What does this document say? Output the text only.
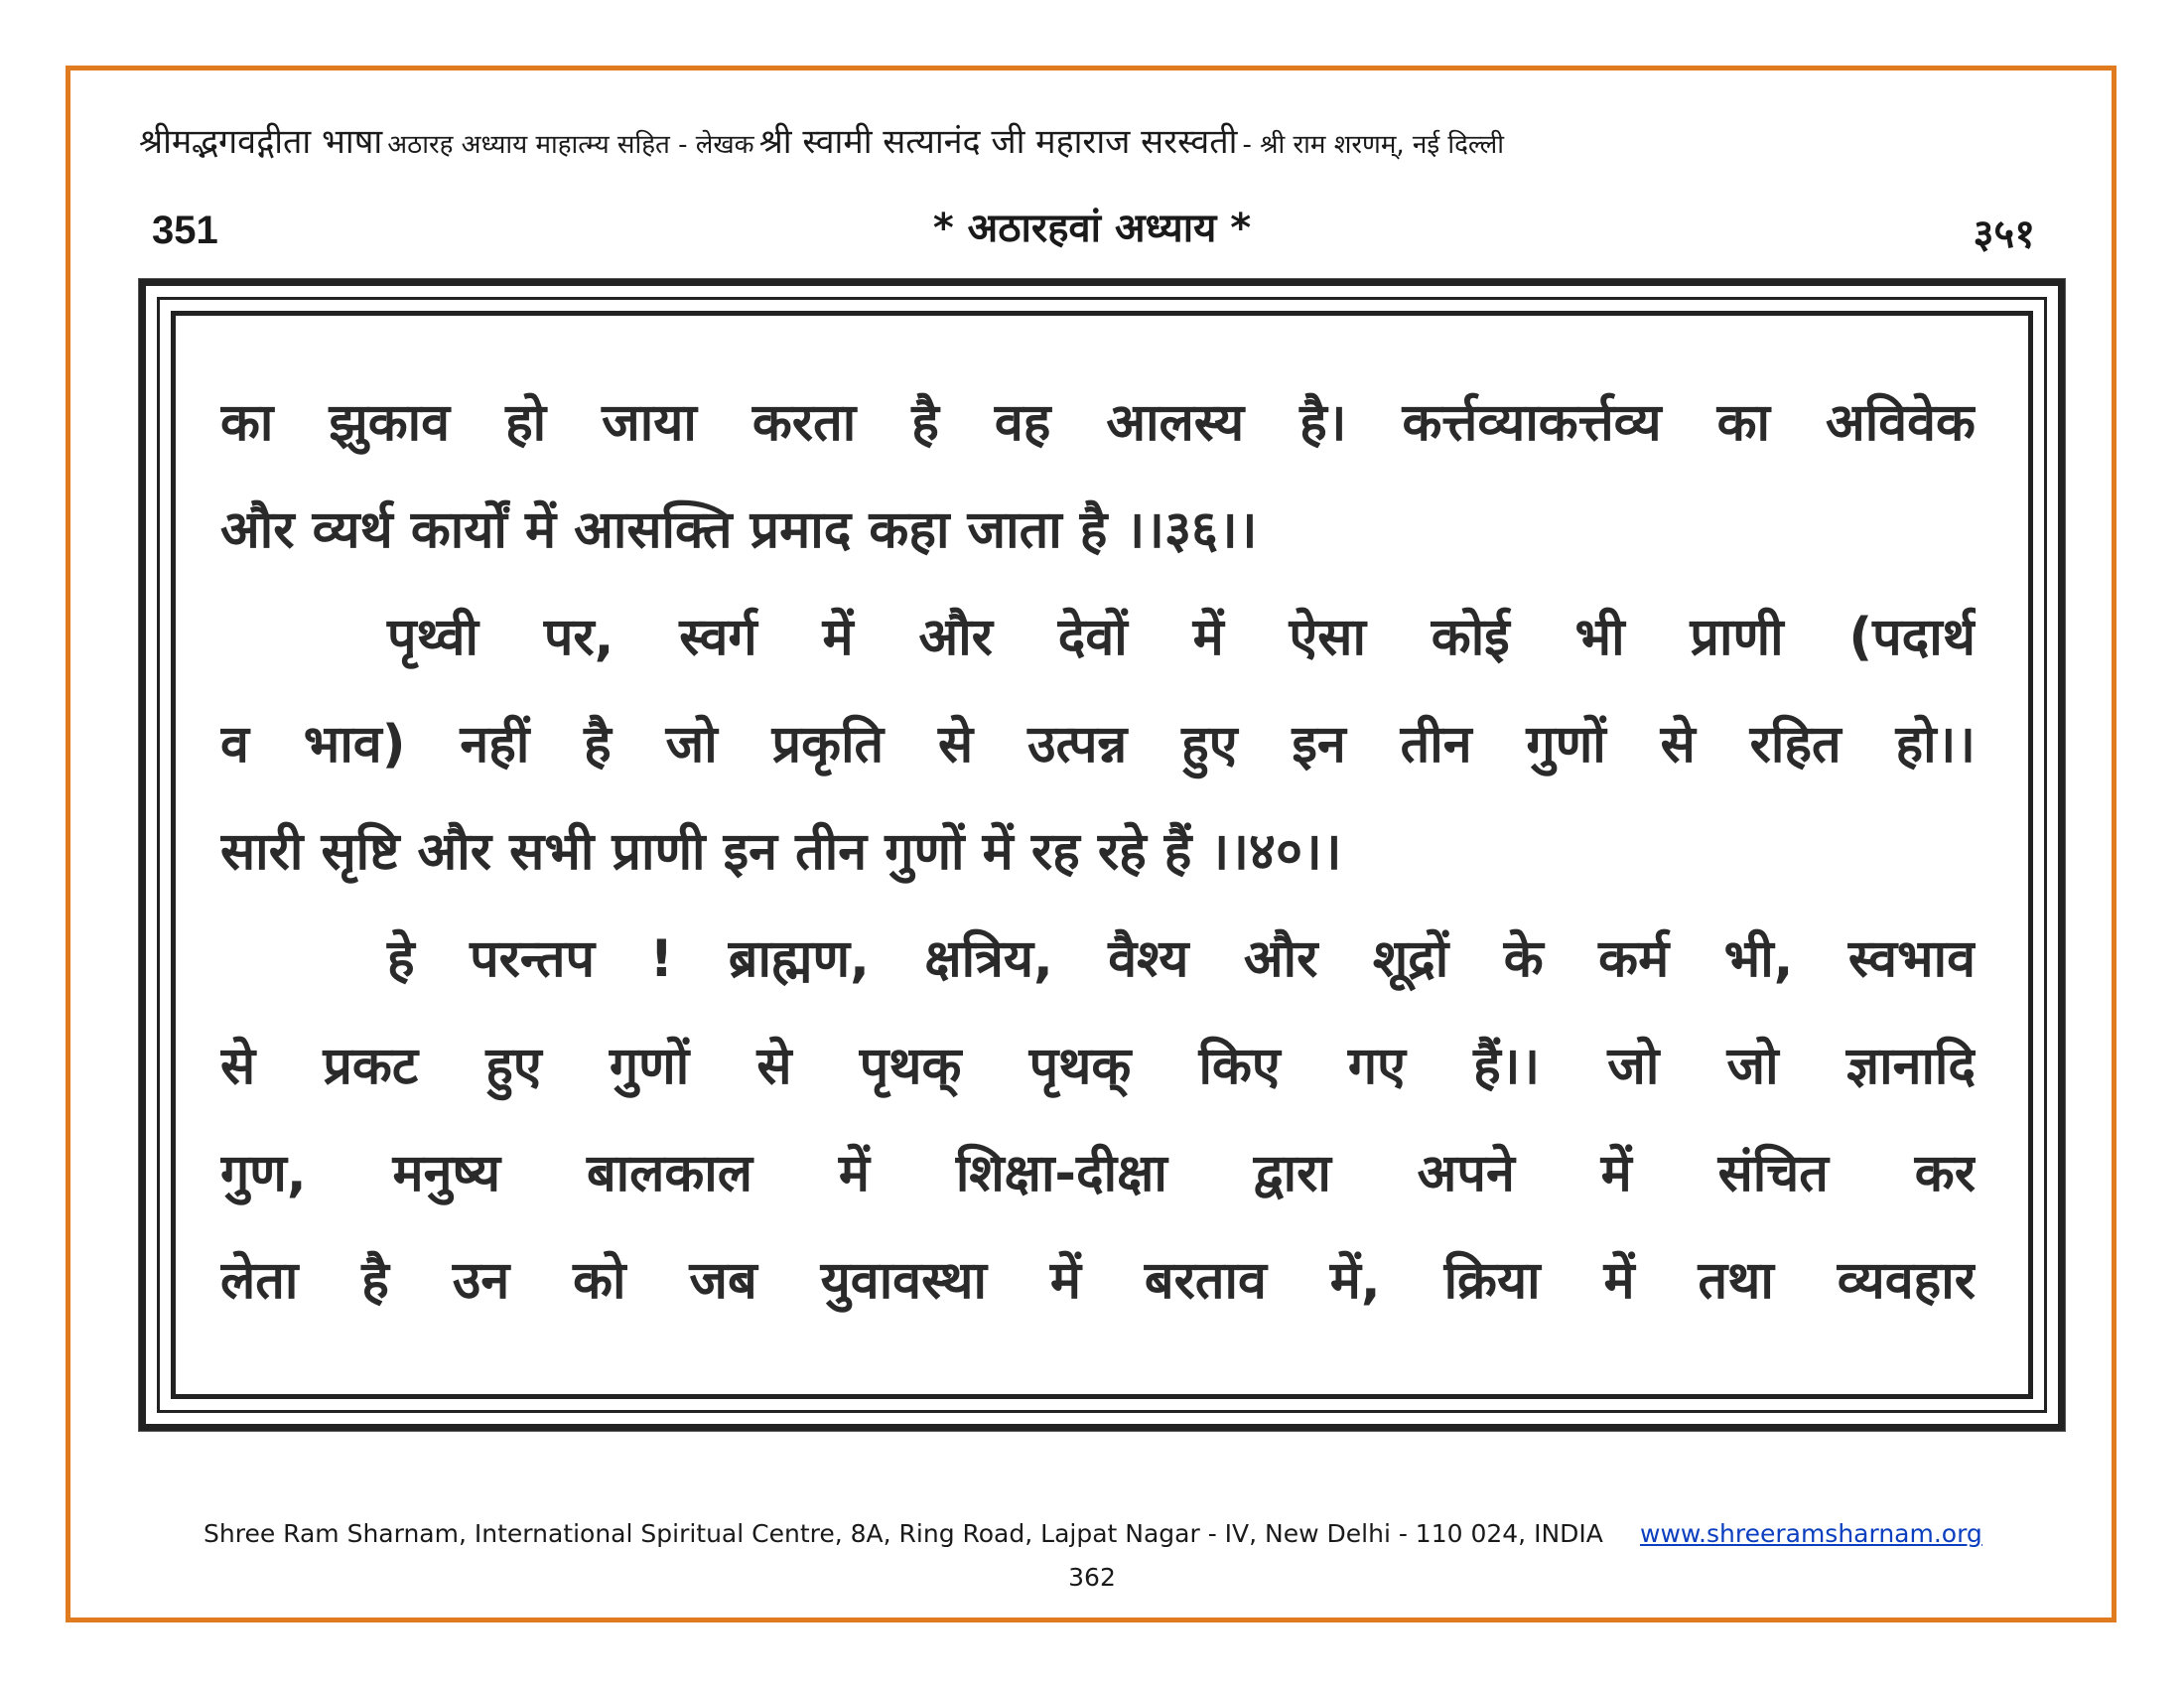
श्रीमद्भगवद्गीता भाषा अठारह अध्याय माहात्म्य सहित - लेखक श्री स्वामी सत्यानंद जी महाराज सरस्वती - श्री राम शरणम्, नई दिल्ली
351	* अठारहवां अध्याय *	३५१
का झुकाव हो जाया करता है वह आलस्य है। कर्त्तव्याकर्त्तव्य का अविवेक
और व्यर्थ कार्यों में आसक्ति प्रमाद कहा जाता है ।।३६।।
पृथ्वी पर, स्वर्ग में और देवों में ऐसा कोई भी प्राणी (पदार्थ
व भाव) नहीं है जो प्रकृति से उत्पन्न हुए इन तीन गुणों से रहित हो।।
सारी सृष्टि और सभी प्राणी इन तीन गुणों में रह रहे हैं ।।४०।।
हे परन्तप ! ब्राह्मण, क्षत्रिय, वैश्य और शूद्रों के कर्म भी, स्वभाव
से प्रकट हुए गुणों से पृथक् पृथक् किए गए हैं।। जो जो ज्ञानादि
गुण, मनुष्य बालकाल में शिक्षा-दीक्षा द्वारा अपने में संचित कर
लेता है उन को जब युवावस्था में बरताव में, क्रिया में तथा व्यवहार
Shree Ram Sharnam, International Spiritual Centre, 8A, Ring Road, Lajpat Nagar - IV, New Delhi - 110 024, INDIA www.shreeramsharnam.org
362
